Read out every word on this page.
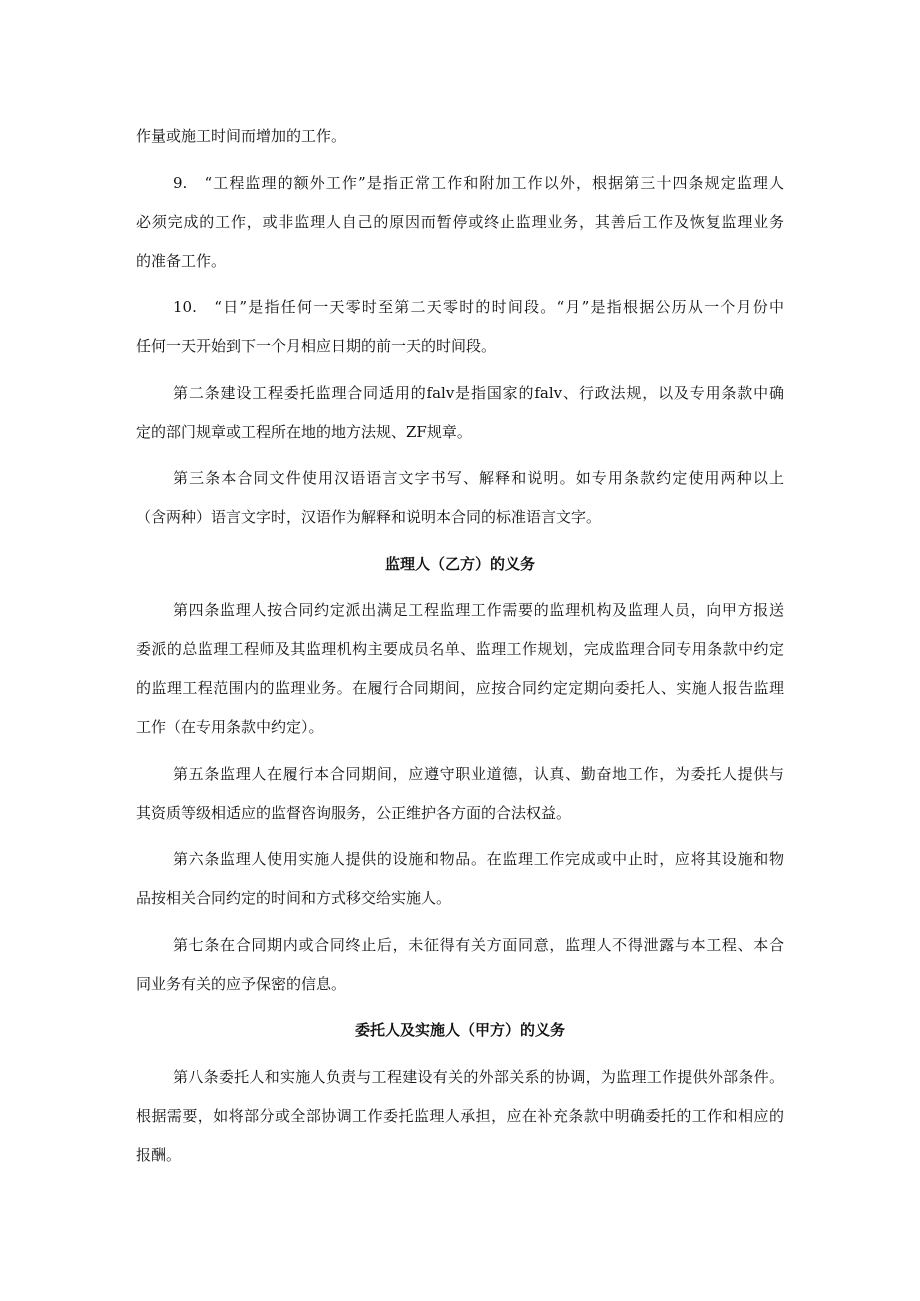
作量或施工时间而增加的工作。
9.　“工程监理的额外工作”是指正常工作和附加工作以外，根据第三十四条规定监理人
必须完成的工作，或非监理人自己的原因而暂停或终止监理业务，其善后工作及恢复监理业务
的准备工作。
10.　“日”是指任何一天零时至第二天零时的时间段。“月”是指根据公历从一个月份中
任何一天开始到下一个月相应日期的前一天的时间段。
第二条建设工程委托监理合同适用的falv是指国家的falv、行政法规，以及专用条款中确
定的部门规章或工程所在地的地方法规、ZF规章。
第三条本合同文件使用汉语语言文字书写、解释和说明。如专用条款约定使用两种以上
（含两种）语言文字时，汉语作为解释和说明本合同的标准语言文字。
监理人（乙方）的义务
第四条监理人按合同约定派出满足工程监理工作需要的监理机构及监理人员，向甲方报送
委派的总监理工程师及其监理机构主要成员名单、监理工作规划，完成监理合同专用条款中约定
的监理工程范围内的监理业务。在履行合同期间，应按合同约定定期向委托人、实施人报告监理
工作（在专用条款中约定）。
第五条监理人在履行本合同期间，应遵守职业道德，认真、勤奋地工作，为委托人提供与
其资质等级相适应的监督咨询服务，公正维护各方面的合法权益。
第六条监理人使用实施人提供的设施和物品。在监理工作完成或中止时，应将其设施和物
品按相关合同约定的时间和方式移交给实施人。
第七条在合同期内或合同终止后，未征得有关方面同意，监理人不得泄露与本工程、本合
同业务有关的应予保密的信息。
委托人及实施人（甲方）的义务
第八条委托人和实施人负责与工程建设有关的外部关系的协调，为监理工作提供外部条件。
根据需要，如将部分或全部协调工作委托监理人承担，应在补充条款中明确委托的工作和相应的
报酬。
